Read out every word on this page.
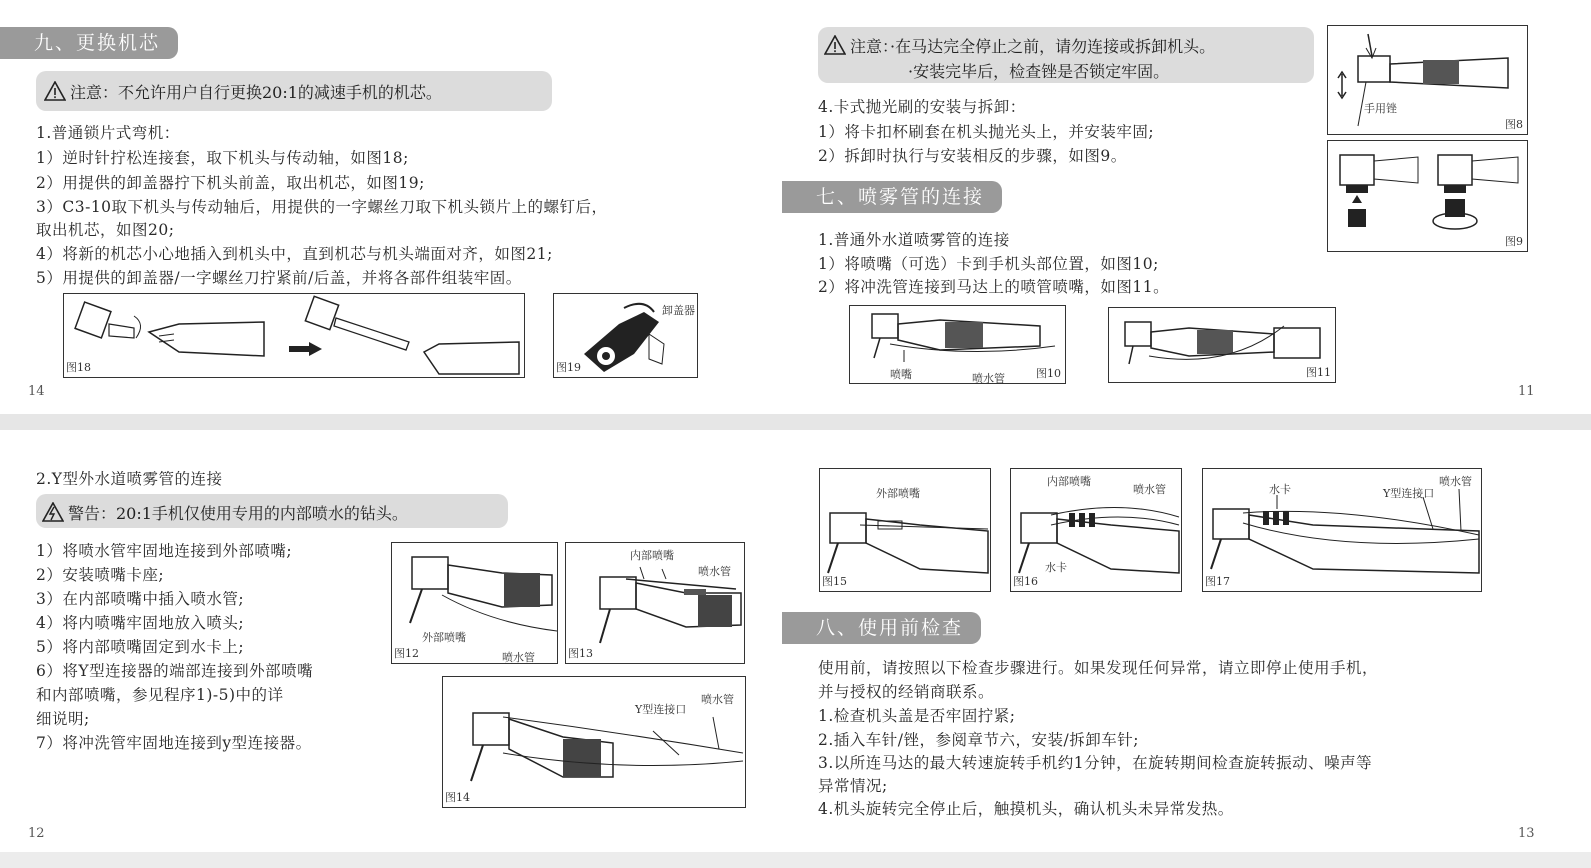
九、更换机芯
注意：不允许用户自行更换20:1的减速手机的机芯。
1.普通锁片式弯机：
1）逆时针拧松连接套，取下机头与传动轴，如图18;
2）用提供的卸盖器拧下机头前盖，取出机芯，如图19;
3）C3-10取下机头与传动轴后，用提供的一字螺丝刀取下机头锁片上的螺钉后，
取出机芯，如图20;
4）将新的机芯小心地插入到机头中，直到机芯与机头端面对齐，如图21;
5）用提供的卸盖器/一字螺丝刀拧紧前/后盖，并将各部件组装牢固。
图18
卸盖器
图19
14
注意：·在马达完全停止之前，请勿连接或拆卸机头。
·安装完毕后，检查锉是否锁定牢固。
4.卡式抛光刷的安装与拆卸：
1）将卡扣杯刷套在机头抛光头上，并安装牢固;
2）拆卸时执行与安装相反的步骤，如图9。
七、喷雾管的连接
1.普通外水道喷雾管的连接
1）将喷嘴（可选）卡到手机头部位置，如图10;
2）将冲洗管连接到马达上的喷管喷嘴，如图11。
喷嘴	喷水管	图10	图11
手用锉
图8
图9
11
2.Y型外水道喷雾管的连接
警告：20:1手机仅使用专用的内部喷水的钻头。
1）将喷水管牢固地连接到外部喷嘴;
2）安装喷嘴卡座;
3）在内部喷嘴中插入喷水管;
4）将内喷嘴牢固地放入喷头;
5）将内部喷嘴固定到水卡上;
6）将Y型连接器的端部连接到外部喷嘴
和内部喷嘴，参见程序1)-5)中的详
细说明;
7）将冲洗管牢固地连接到y型连接器。
外部喷嘴
喷水管
图12
内部喷嘴
喷水管
图13
Y型连接口
喷水管
图14
12
外部喷嘴
图15
内部喷嘴
喷水管
水卡
图16
水卡	Y型连接口
喷水管
图17
八、使用前检查
使用前，请按照以下检查步骤进行。如果发现任何异常，请立即停止使用手机，
并与授权的经销商联系。
1.检查机头盖是否牢固拧紧;
2.插入车针/锉，参阅章节六，安装/拆卸车针;
3.以所连马达的最大转速旋转手机约1分钟，在旋转期间检查旋转振动、噪声等
异常情况;
4.机头旋转完全停止后，触摸机头，确认机头未异常发热。
13
